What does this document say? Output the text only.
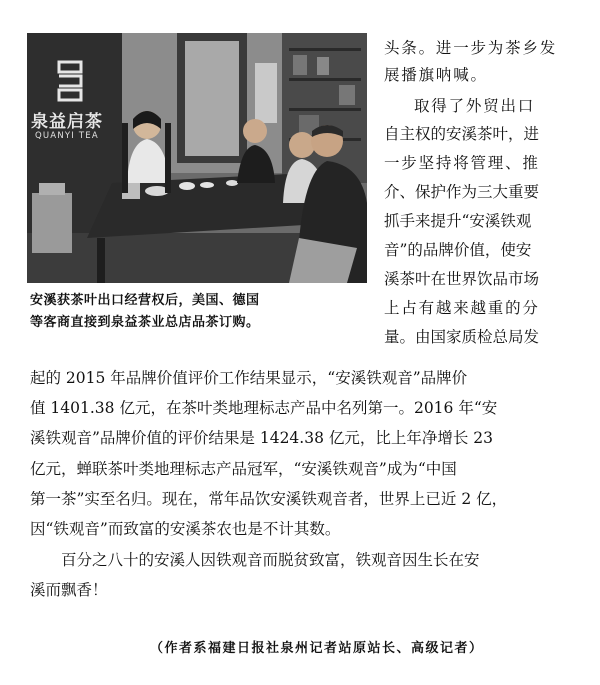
泉益启茶
QUANYI TEA
安溪获茶叶出口经营权后，美国、德国
等客商直接到泉益茶业总店品茶订购。
头条。进一步为茶乡发
展播旗呐喊。
取得了外贸出口
自主权的安溪茶叶，进
一步坚持将管理、推
介、保护作为三大重要
抓手来提升“安溪铁观
音”的品牌价值，使安
溪茶叶在世界饮品市场
上占有越来越重的分
量。由国家质检总局发
起的 2015 年品牌价值评价工作结果显示，“安溪铁观音”品牌价
值 1401.38 亿元，在茶叶类地理标志产品中名列第一。2016 年“安
溪铁观音”品牌价值的评价结果是 1424.38 亿元，比上年净增长 23
亿元，蝉联茶叶类地理标志产品冠军，“安溪铁观音”成为“中国
第一茶”实至名归。现在，常年品饮安溪铁观音者，世界上已近 2 亿，
因“铁观音”而致富的安溪茶农也是不计其数。
百分之八十的安溪人因铁观音而脱贫致富，铁观音因生长在安
溪而飘香！
（作者系福建日报社泉州记者站原站长、高级记者）
